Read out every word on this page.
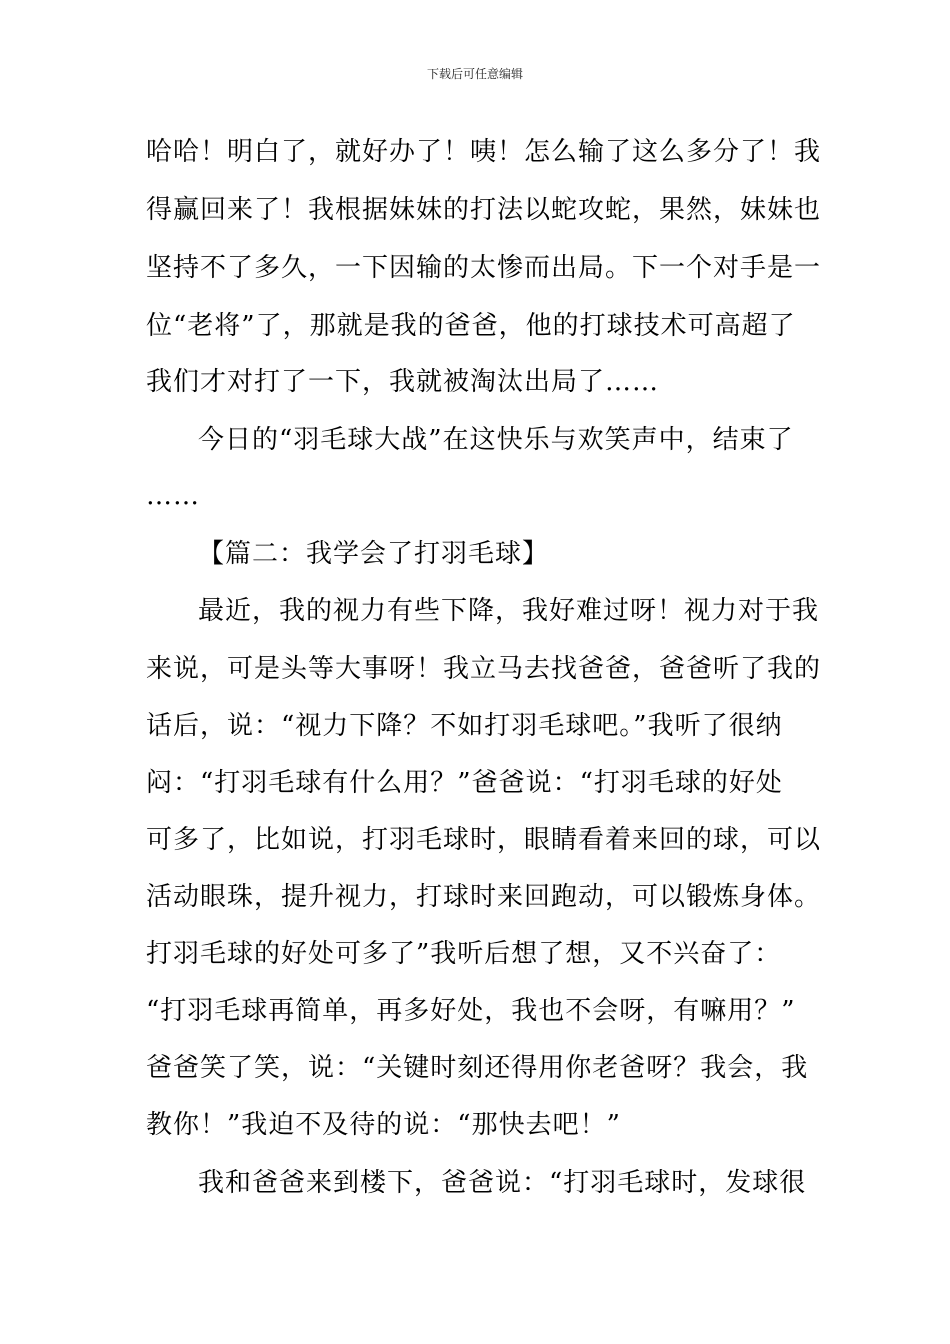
下载后可任意编辑
哈哈！明白了，就好办了！咦！怎么输了这么多分了！我
得赢回来了！我根据妹妹的打法以蛇攻蛇，果然，妹妹也
坚持不了多久，一下因输的太惨而出局。下一个对手是一
位“老将”了，那就是我的爸爸，他的打球技术可高超了
我们才对打了一下，我就被淘汰出局了……
今日的“羽毛球大战”在这快乐与欢笑声中，结束了
……
【篇二：我学会了打羽毛球】
最近，我的视力有些下降，我好难过呀！视力对于我
来说，可是头等大事呀！我立马去找爸爸，爸爸听了我的
话后，说：“视力下降？不如打羽毛球吧。”我听了很纳
闷：“打羽毛球有什么用？”爸爸说：“打羽毛球的好处
可多了，比如说，打羽毛球时，眼睛看着来回的球，可以
活动眼珠，提升视力，打球时来回跑动，可以锻炼身体。
打羽毛球的好处可多了”我听后想了想，又不兴奋了：
“打羽毛球再简单，再多好处，我也不会呀，有嘛用？”
爸爸笑了笑，说：“关键时刻还得用你老爸呀？我会，我
教你！”我迫不及待的说：“那快去吧！”
我和爸爸来到楼下，爸爸说：“打羽毛球时，发球很
